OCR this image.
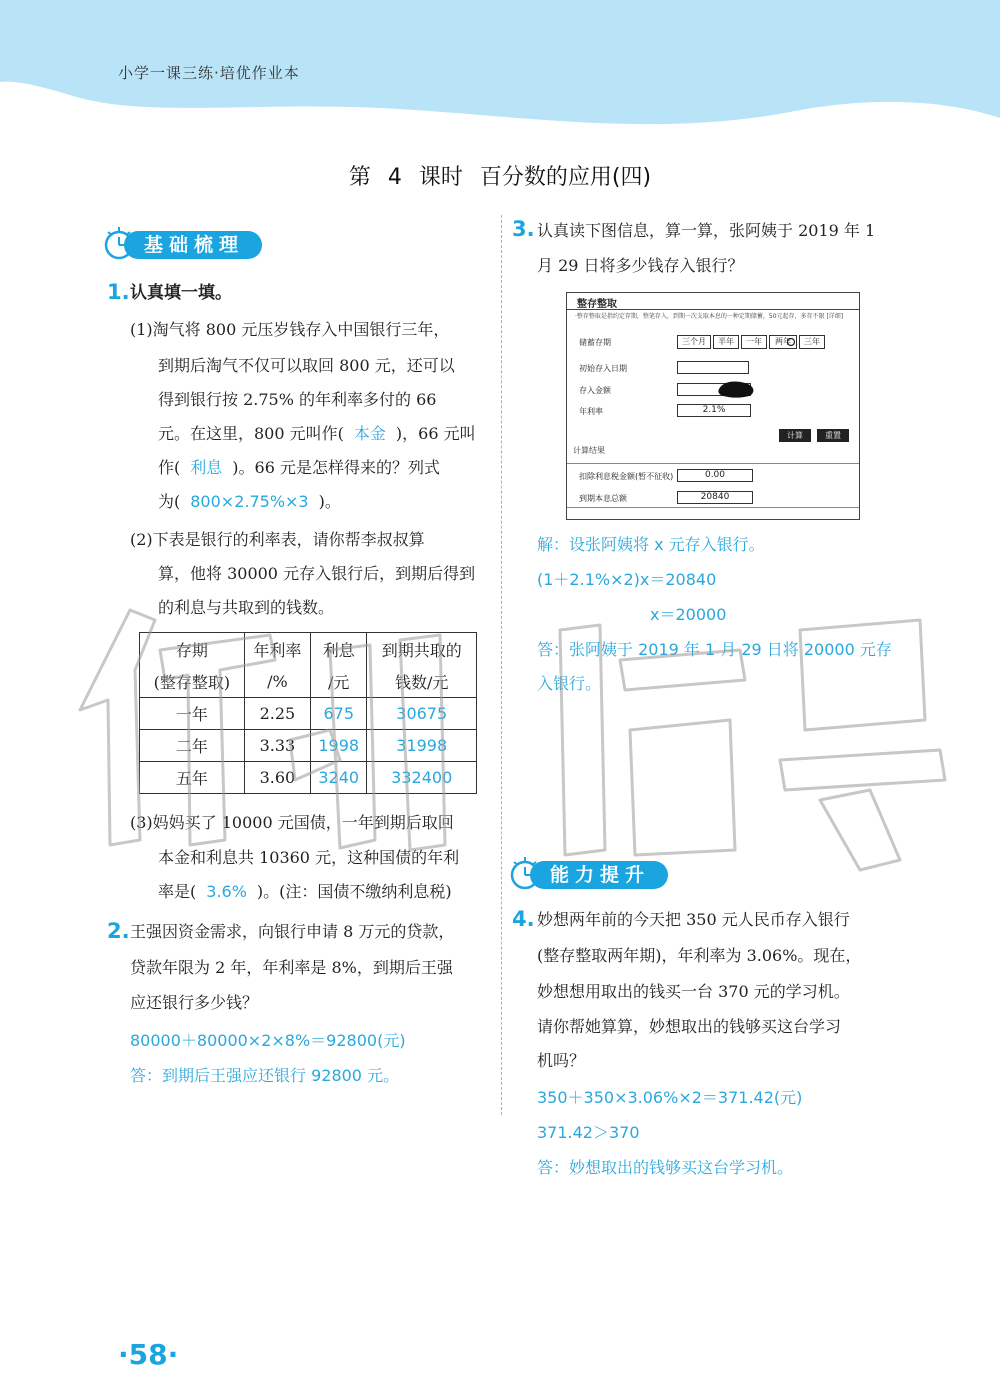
小学一课三练·培优作业本
第 4 课时 百分数的应用(四)
基础梳理
1. 认真填一填。
(1)淘气将 800 元压岁钱存入中国银行三年，
到期后淘气不仅可以取回 800 元，还可以
得到银行按 2.75% 的年利率多付的 66
元。在这里，800 元叫作( 本金 )，66 元叫
作( 利息 )。66 元是怎样得来的？列式
为( 800×2.75%×3 )。
(2)下表是银行的利率表，请你帮李叔叔算
算，他将 30000 元存入银行后，到期后得到
的利息与共取到的钱数。
存期	年利率	利息	到期共取的
(整存整取)	/%	/元	钱数/元
一年	2.25	675	30675
二年	3.33	1998	31998
五年	3.60	3240	332400
(3)妈妈买了 10000 元国债，一年到期后取回
本金和利息共 10360 元，这种国债的年利
率是( 3.6% )。(注：国债不缴纳利息税)
2. 王强因资金需求，向银行申请 8 万元的贷款，
贷款年限为 2 年，年利率是 8%，到期后王强
应还银行多少钱？
80000＋80000×2×8%＝92800(元)
答：到期后王强应还银行 92800 元。
3. 认真读下图信息，算一算，张阿姨于 2019 年 1
月 29 日将多少钱存入银行？
整存整取
·整存整取是指约定存期，整笔存入，到期一次支取本息的一种定期储蓄，50元起存，多存不限 [详细]
储蓄存期	三个月	半年	一年	两年	三年
初始存入日期
存入金额
年利率	2.1%
计算	重置
计算结果
扣除利息税金额(暂不征收)	0.00
到期本息总额	20840
解：设张阿姨将 x 元存入银行。
(1＋2.1%×2)x＝20840
x＝20000
答：张阿姨于 2019 年 1 月 29 日将 20000 元存
入银行。
能力提升
4. 妙想两年前的今天把 350 元人民币存入银行
(整存整取两年期)，年利率为 3.06%。现在，
妙想想用取出的钱买一台 370 元的学习机。
请你帮她算算，妙想取出的钱够买这台学习
机吗？
350＋350×3.06%×2＝371.42(元)
371.42＞370
答：妙想取出的钱够买这台学习机。
·58·
